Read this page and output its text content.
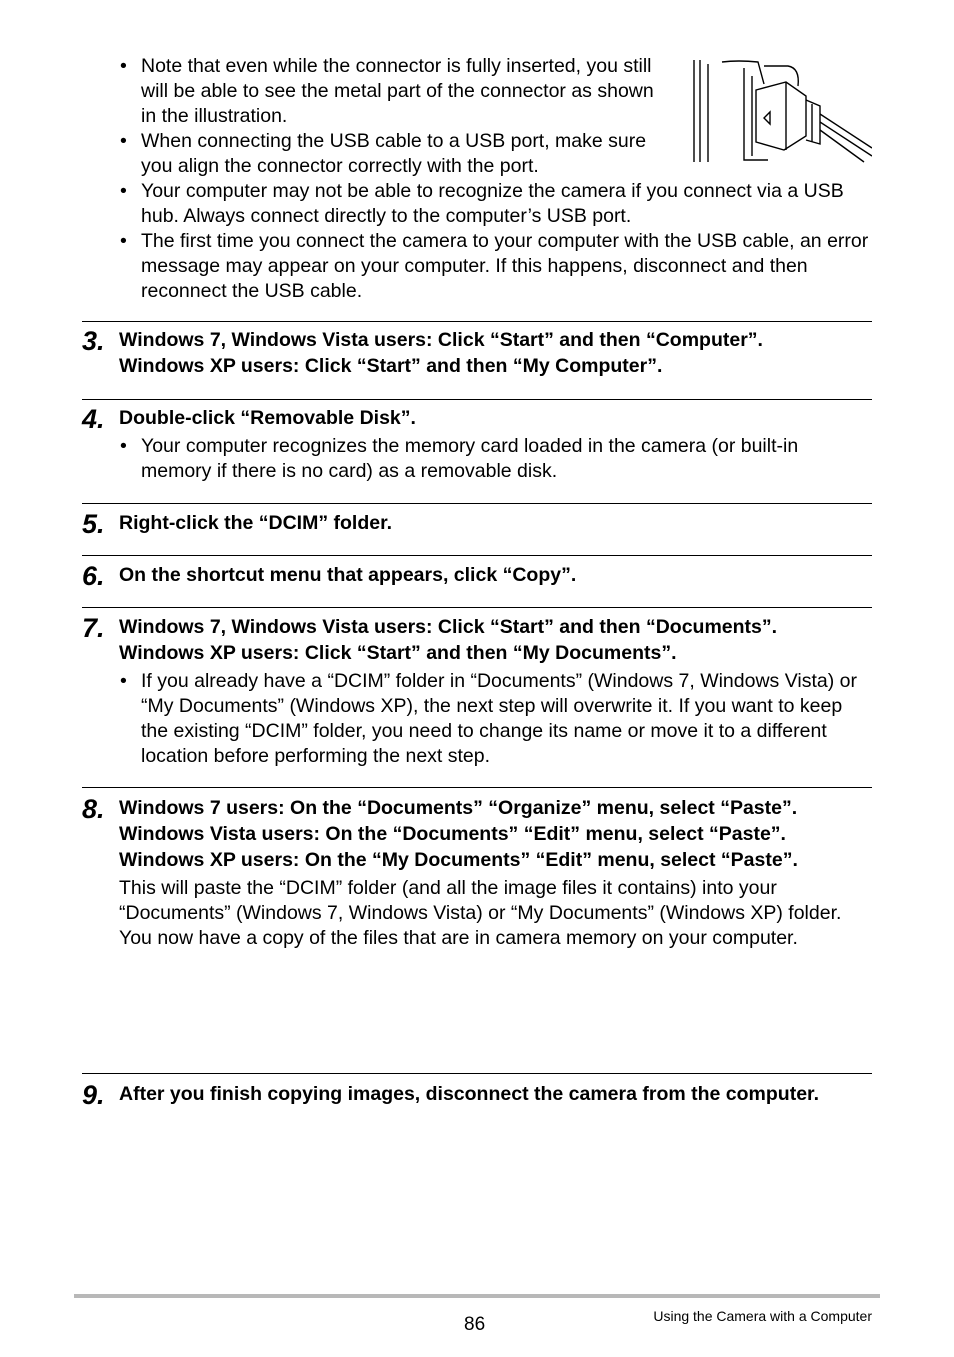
• Note that even while the connector is fully inserted, you still will be able to see the metal part of the connector as shown in the illustration.
• When connecting the USB cable to a USB port, make sure you align the connector correctly with the port.
• Your computer may not be able to recognize the camera if you connect via a USB hub. Always connect directly to the computer’s USB port.
• The first time you connect the camera to your computer with the USB cable, an error message may appear on your computer. If this happens, disconnect and then reconnect the USB cable.
3. Windows 7, Windows Vista users: Click “Start” and then “Computer”.
Windows XP users: Click “Start” and then “My Computer”.
4. Double-click “Removable Disk”.
• Your computer recognizes the memory card loaded in the camera (or built-in memory if there is no card) as a removable disk.
5. Right-click the “DCIM” folder.
6. On the shortcut menu that appears, click “Copy”.
7. Windows 7, Windows Vista users: Click “Start” and then “Documents”.
Windows XP users: Click “Start” and then “My Documents”.
• If you already have a “DCIM” folder in “Documents” (Windows 7, Windows Vista) or “My Documents” (Windows XP), the next step will overwrite it. If you want to keep the existing “DCIM” folder, you need to change its name or move it to a different location before performing the next step.
8. Windows 7 users: On the “Documents” “Organize” menu, select “Paste”.
Windows Vista users: On the “Documents” “Edit” menu, select “Paste”.
Windows XP users: On the “My Documents” “Edit” menu, select “Paste”.
This will paste the “DCIM” folder (and all the image files it contains) into your “Documents” (Windows 7, Windows Vista) or “My Documents” (Windows XP) folder. You now have a copy of the files that are in camera memory on your computer.
9. After you finish copying images, disconnect the camera from the computer.
86	Using the Camera with a Computer
